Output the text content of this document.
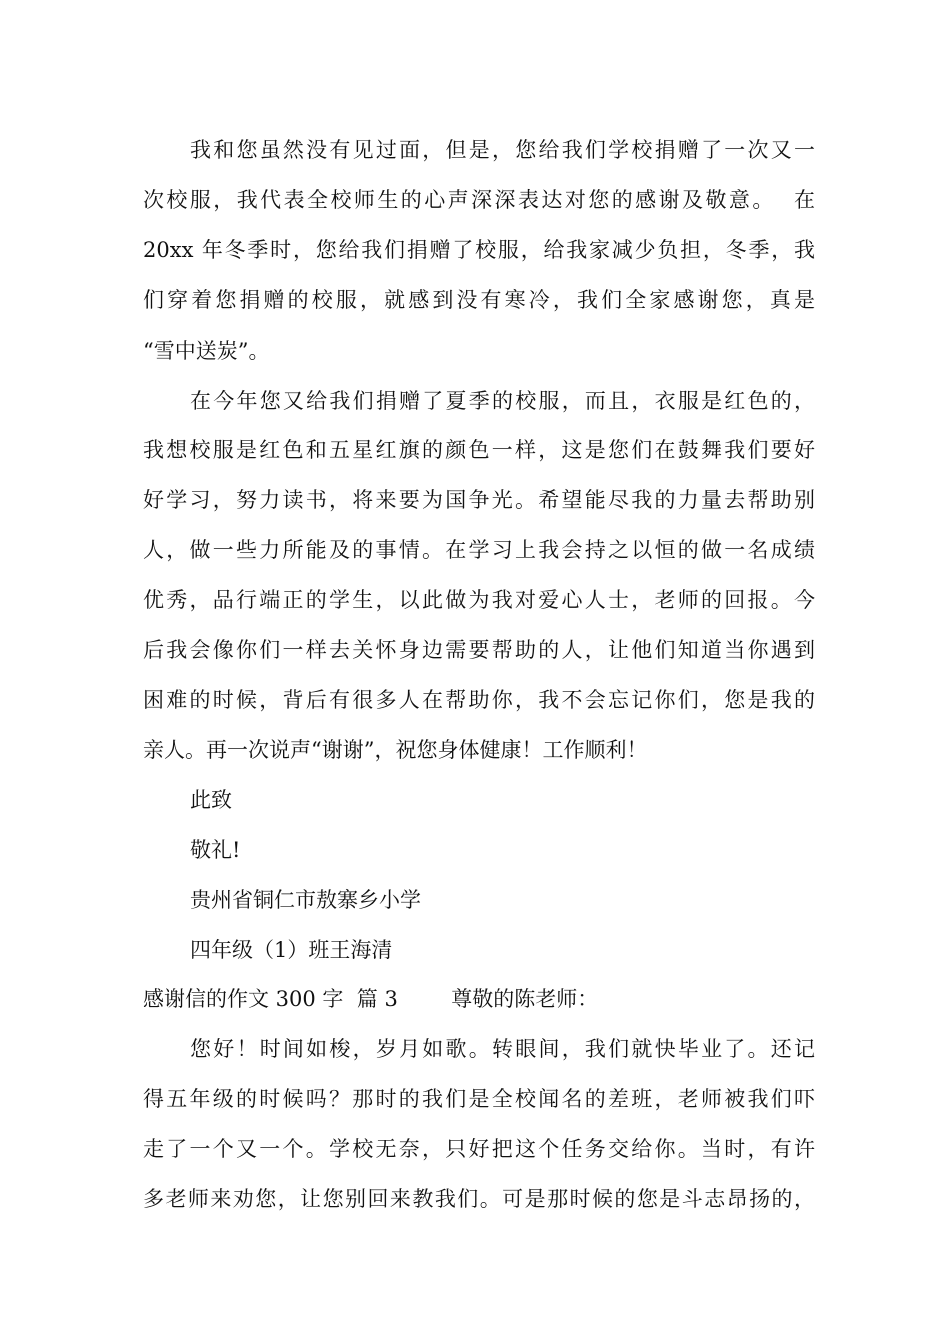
我和您虽然没有见过面，但是，您给我们学校捐赠了一次又一
次校服，我代表全校师生的心声深深表达对您的感谢及敬意。  在
20xx 年冬季时，您给我们捐赠了校服，给我家减少负担，冬季，我
们穿着您捐赠的校服，就感到没有寒冷，我们全家感谢您，真是
“雪中送炭”。
在今年您又给我们捐赠了夏季的校服，而且，衣服是红色的，
我想校服是红色和五星红旗的颜色一样，这是您们在鼓舞我们要好
好学习，努力读书，将来要为国争光。希望能尽我的力量去帮助别
人，做一些力所能及的事情。在学习上我会持之以恒的做一名成绩
优秀，品行端正的学生，以此做为我对爱心人士，老师的回报。今
后我会像你们一样去关怀身边需要帮助的人，让他们知道当你遇到
困难的时候，背后有很多人在帮助你，我不会忘记你们，您是我的
亲人。再一次说声“谢谢”，祝您身体健康！工作顺利！
此致
敬礼!
贵州省铜仁市敖寨乡小学
四年级（1）班王海清
感谢信的作文 300 字  篇 3        尊敬的陈老师：
您好！时间如梭，岁月如歌。转眼间，我们就快毕业了。还记
得五年级的时候吗？那时的我们是全校闻名的差班，老师被我们吓
走了一个又一个。学校无奈，只好把这个任务交给你。当时，有许
多老师来劝您，让您别回来教我们。可是那时候的您是斗志昂扬的，
